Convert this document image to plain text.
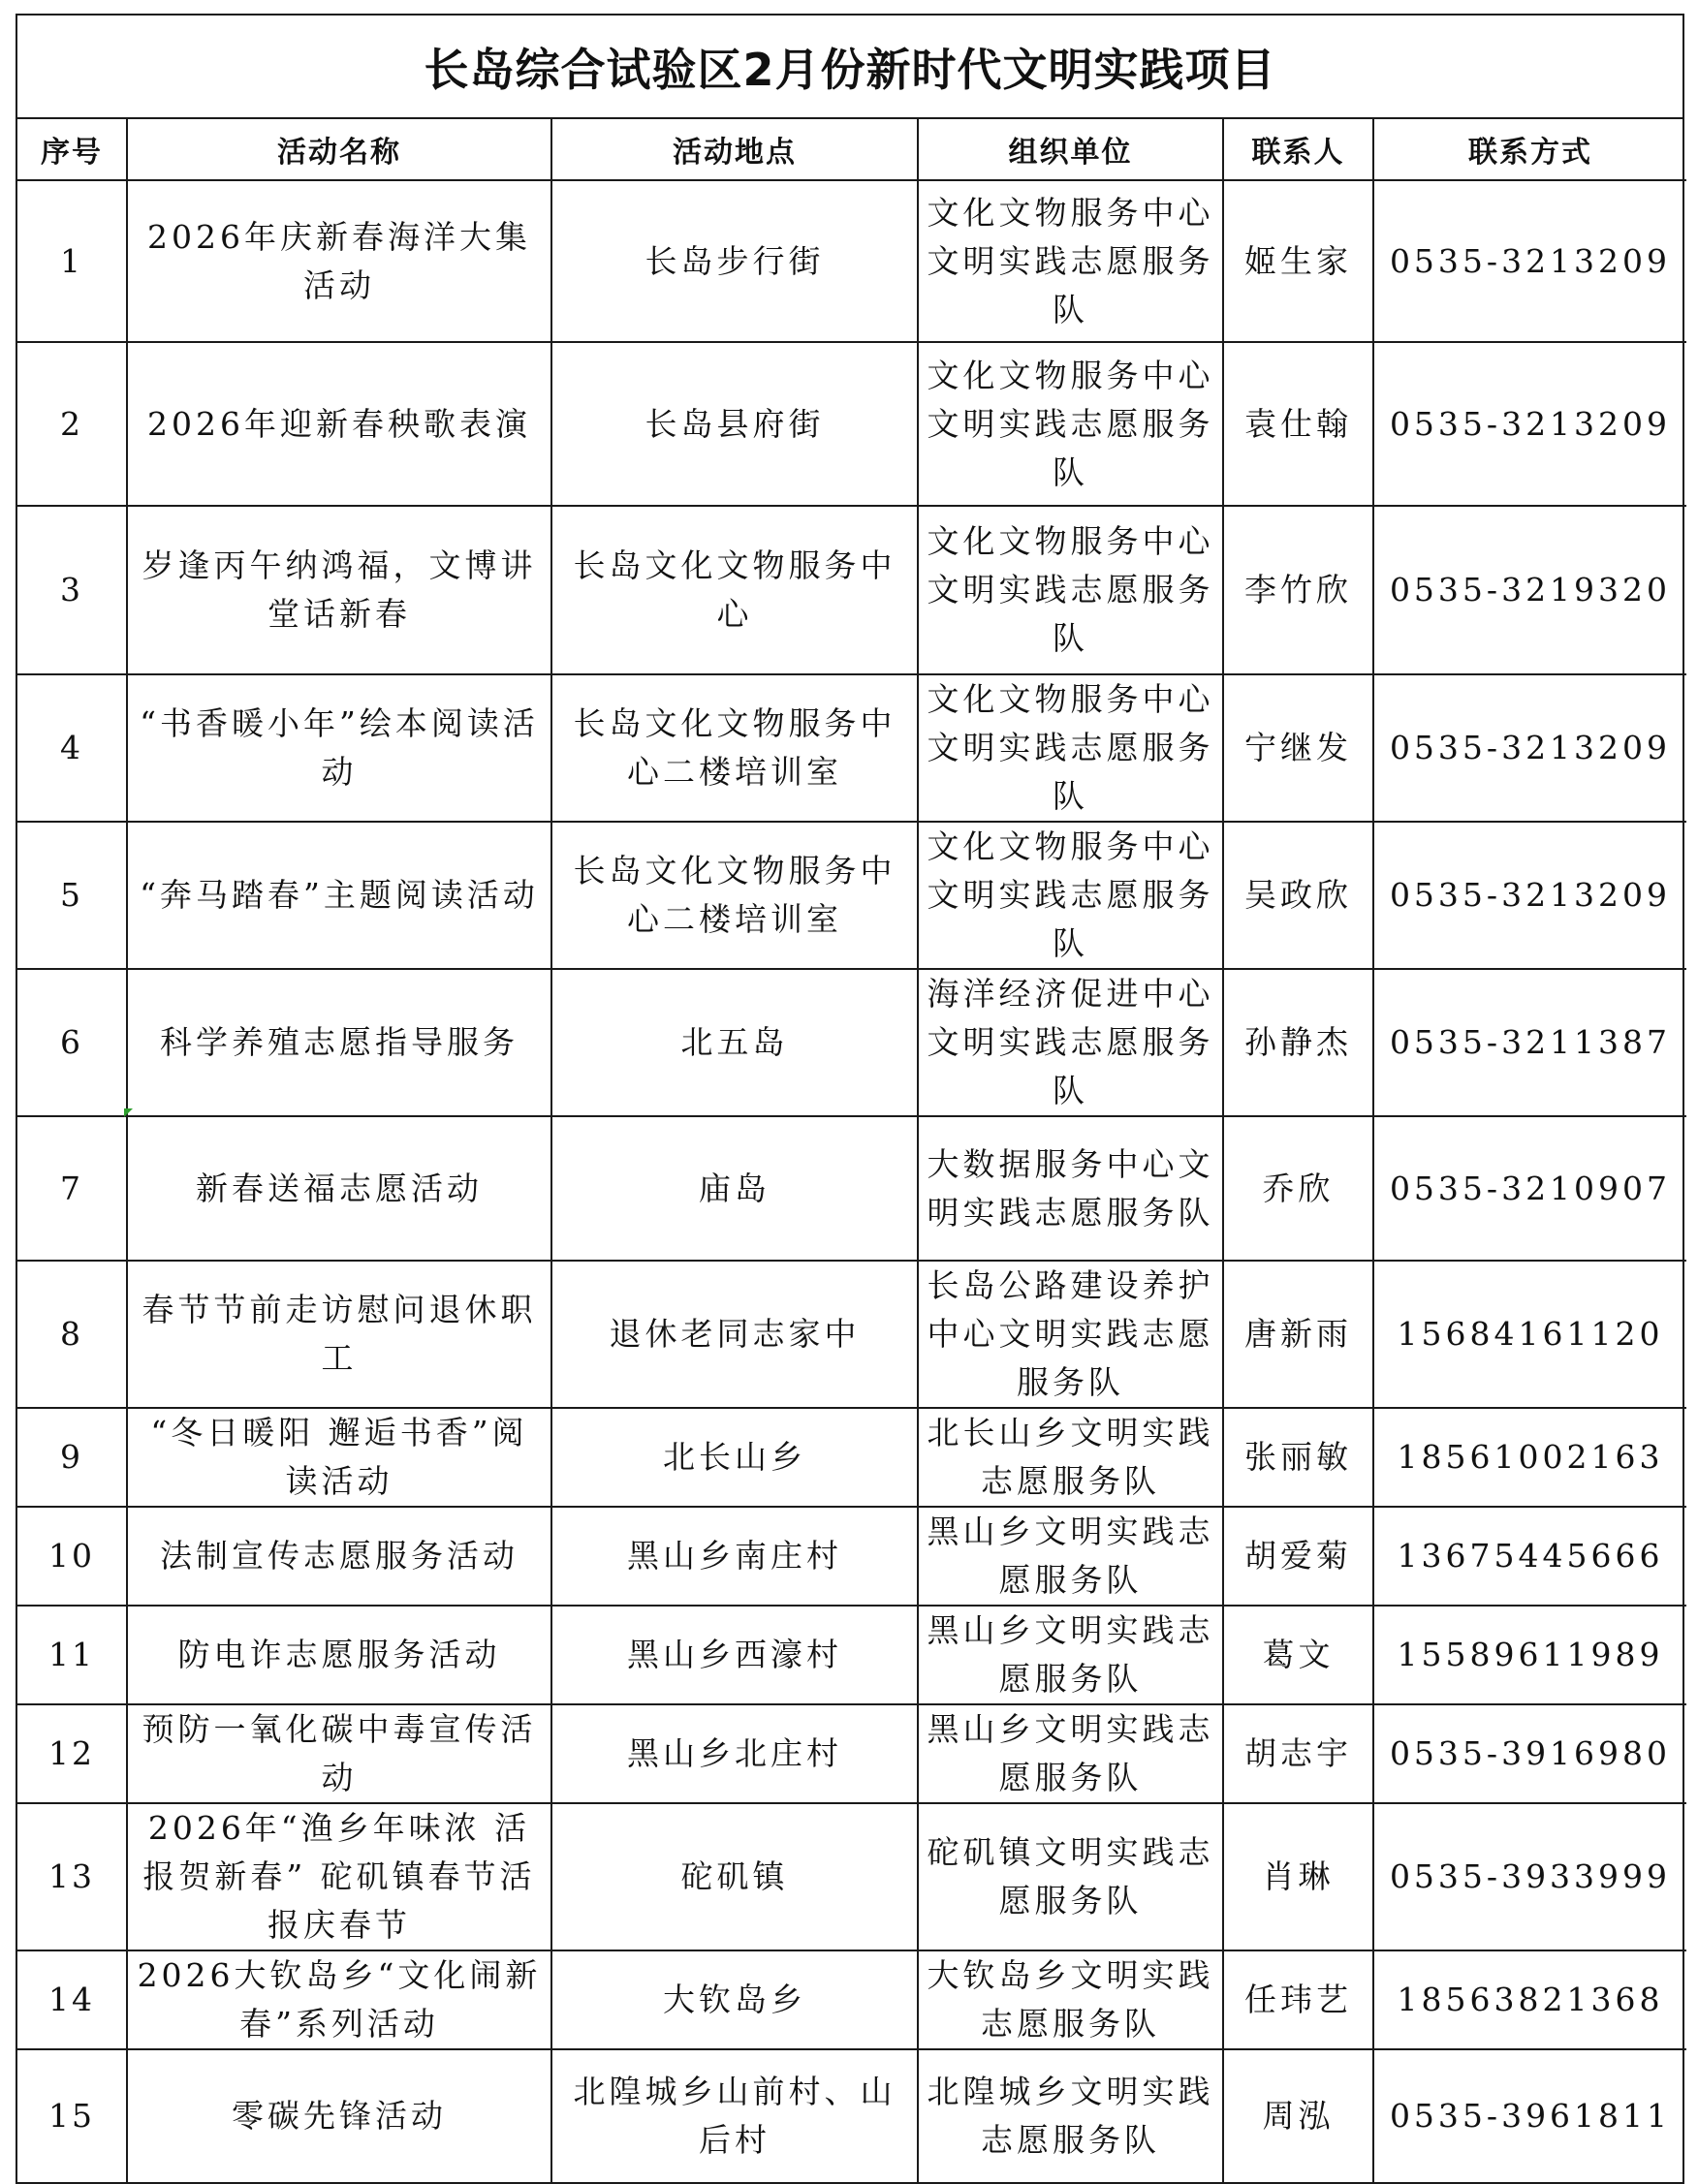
长岛综合试验区2月份新时代文明实践项目
序号	活动名称	活动地点	组织单位	联系人	联系方式
1	2026年庆新春海洋大集活动	长岛步行街	文化文物服务中心文明实践志愿服务队	姬生家	0535-3213209
2	2026年迎新春秧歌表演	长岛县府街	文化文物服务中心文明实践志愿服务队	袁仕翰	0535-3213209
3	岁逢丙午纳鸿福，文博讲堂话新春	长岛文化文物服务中心	文化文物服务中心文明实践志愿服务队	李竹欣	0535-3219320
4	“书香暖小年”绘本阅读活动	长岛文化文物服务中心二楼培训室	文化文物服务中心文明实践志愿服务队	宁继发	0535-3213209
5	“奔马踏春”主题阅读活动	长岛文化文物服务中心二楼培训室	文化文物服务中心文明实践志愿服务队	吴政欣	0535-3213209
6	科学养殖志愿指导服务	北五岛	海洋经济促进中心文明实践志愿服务队	孙静杰	0535-3211387
7	新春送福志愿活动	庙岛	大数据服务中心文明实践志愿服务队	乔欣	0535-3210907
8	春节节前走访慰问退休职工	退休老同志家中	长岛公路建设养护中心文明实践志愿服务队	唐新雨	15684161120
9	“冬日暖阳 邂逅书香”阅读活动	北长山乡	北长山乡文明实践志愿服务队	张丽敏	18561002163
10	法制宣传志愿服务活动	黑山乡南庄村	黑山乡文明实践志愿服务队	胡爱菊	13675445666
11	防电诈志愿服务活动	黑山乡西濠村	黑山乡文明实践志愿服务队	葛文	15589611989
12	预防一氧化碳中毒宣传活动	黑山乡北庄村	黑山乡文明实践志愿服务队	胡志宇	0535-3916980
13	2026年“渔乡年味浓 活报贺新春” 砣矶镇春节活报庆春节	砣矶镇	砣矶镇文明实践志愿服务队	肖琳	0535-3933999
14	2026大钦岛乡“文化闹新春”系列活动	大钦岛乡	大钦岛乡文明实践志愿服务队	任玮艺	18563821368
15	零碳先锋活动	北隍城乡山前村、山后村	北隍城乡文明实践志愿服务队	周泓	0535-3961811
